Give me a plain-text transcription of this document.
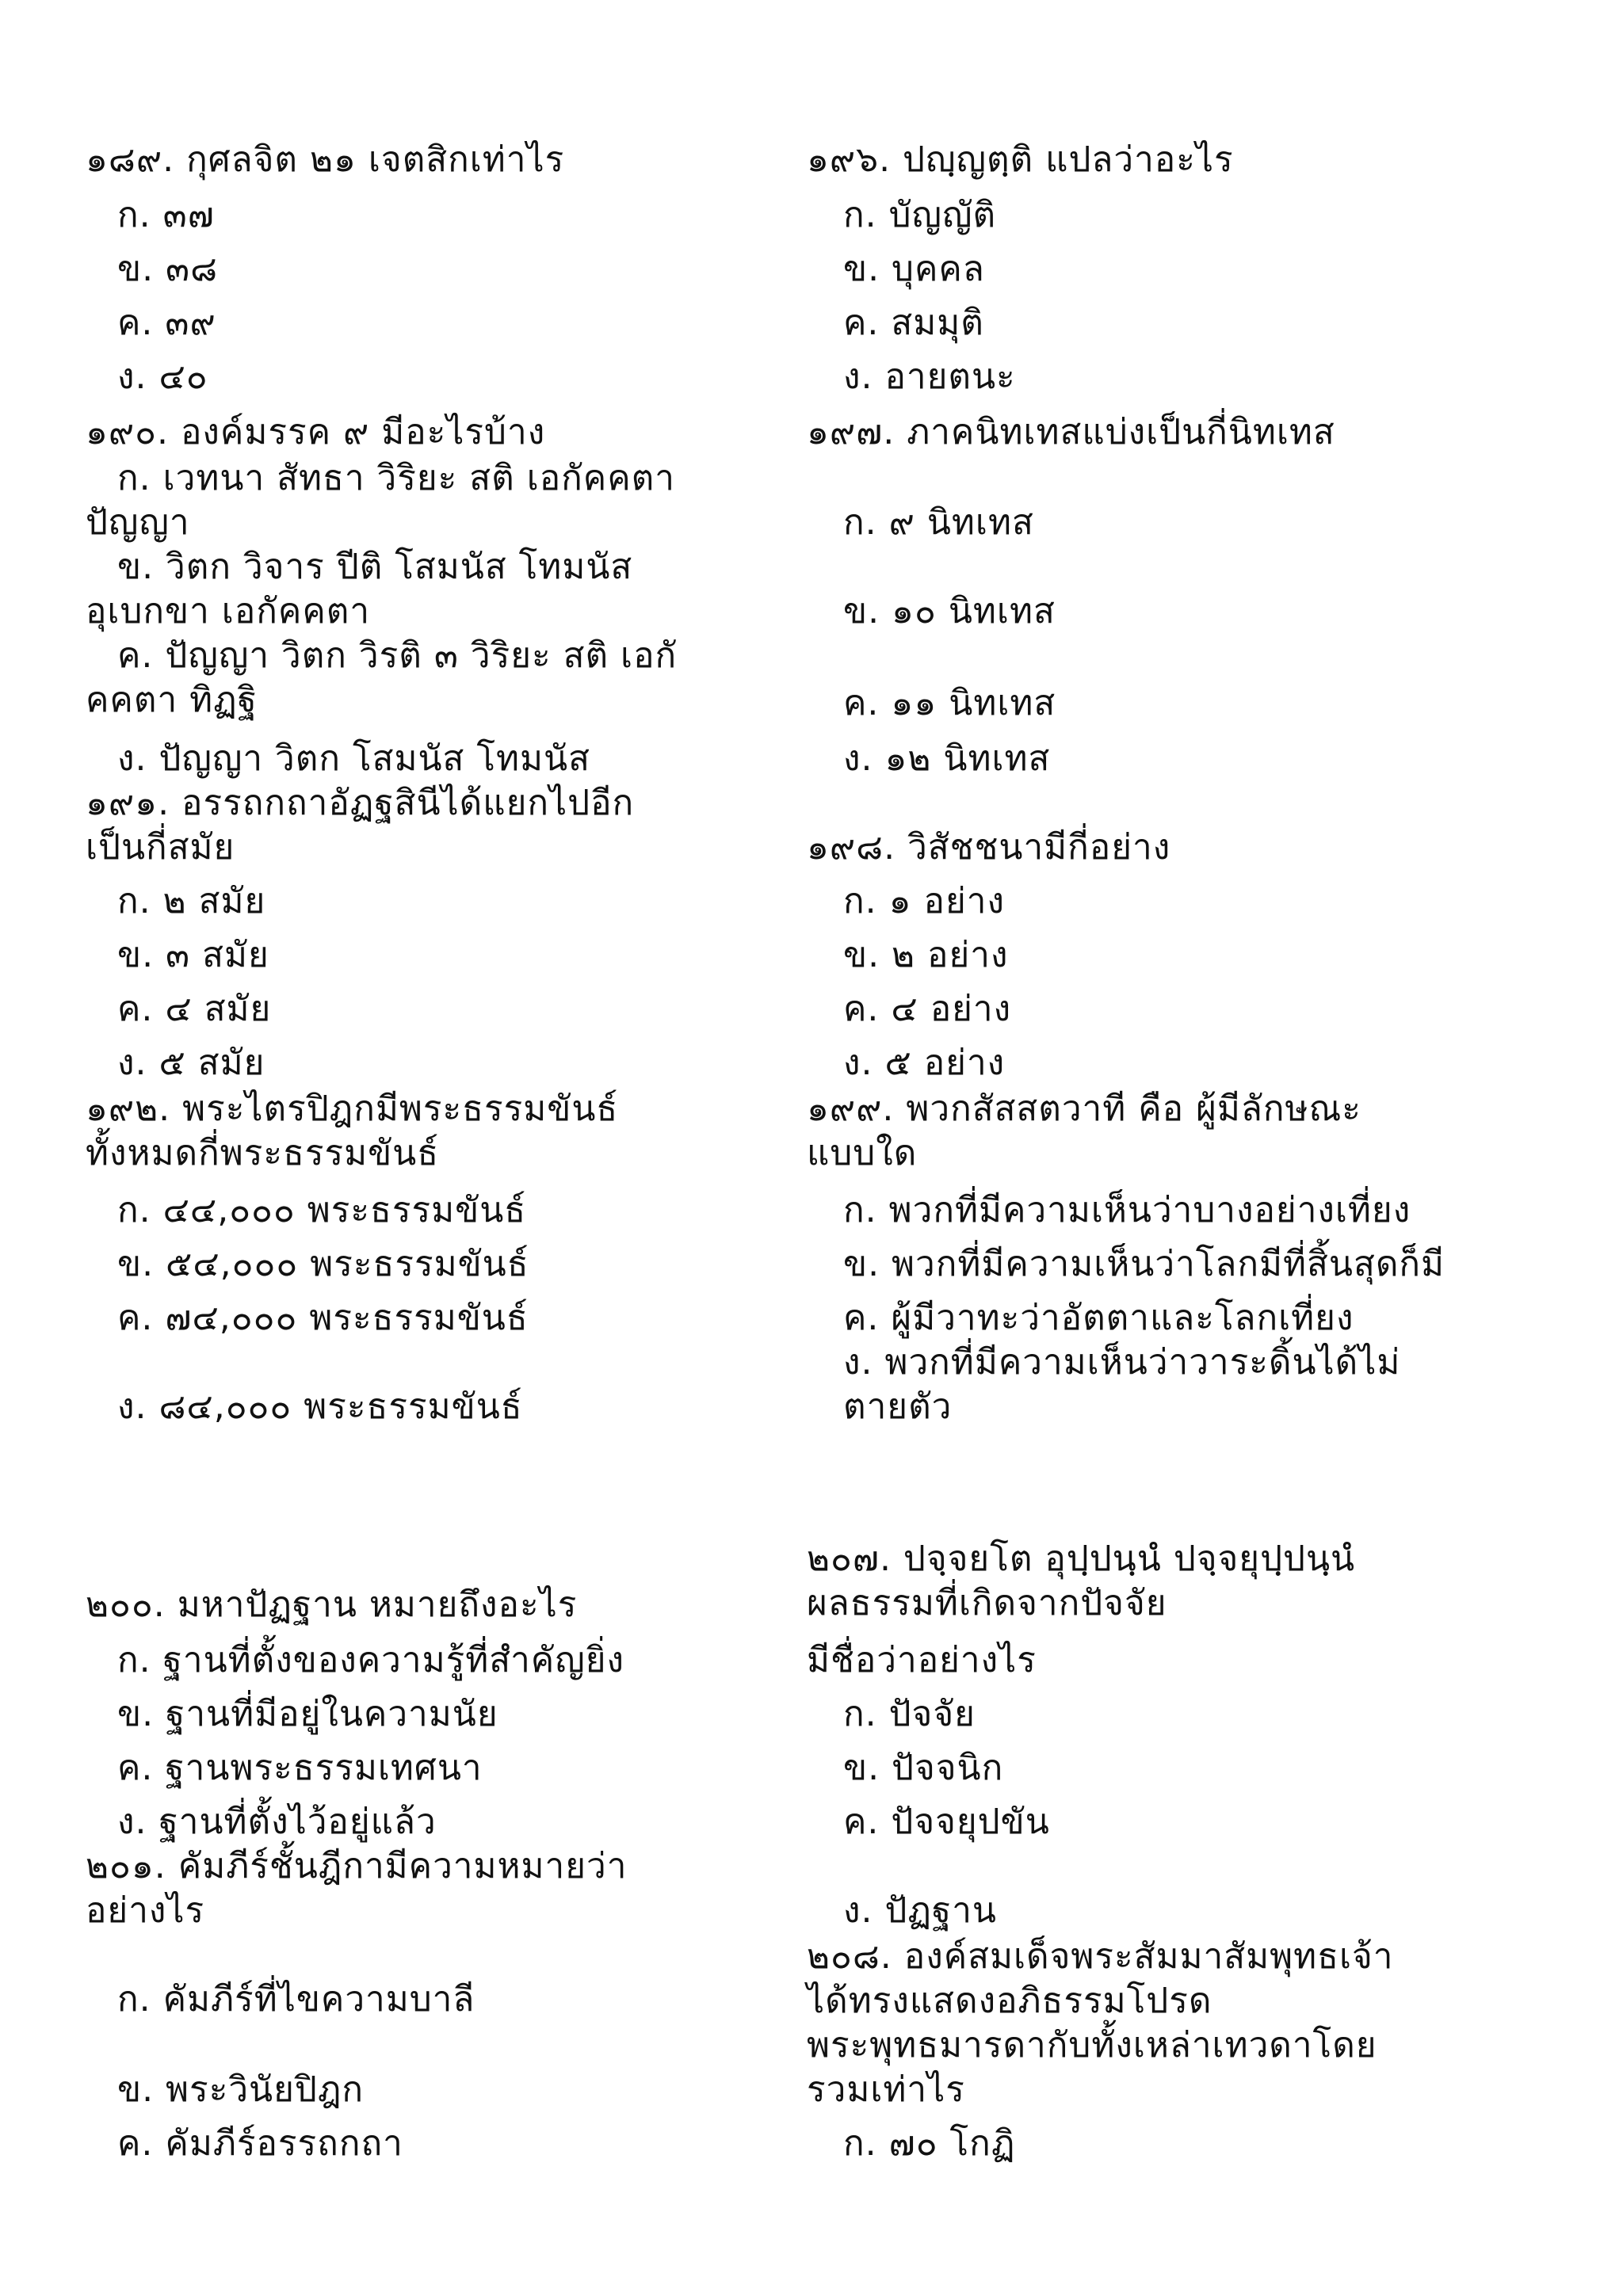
๑๘๙. กุศลจิต ๒๑ เจตสิกเท่าไร
ก. ๓๗
ข. ๓๘
ค. ๓๙
ง. ๔๐
๑๙๐. องค์มรรค ๙ มีอะไรบ้าง
ก. เวทนา สัทธา วิริยะ สติ เอกัคคตา
ปัญญา
ข. วิตก วิจาร ปีติ โสมนัส โทมนัส
อุเบกขา เอกัคคตา
ค. ปัญญา วิตก วิรติ ๓ วิริยะ สติ เอกั
คคตา ทิฏฐิ
ง. ปัญญา วิตก โสมนัส โทมนัส
๑๙๑. อรรถกถาอัฏฐสินีได้แยกไปอีก
เป็นกี่สมัย
ก. ๒ สมัย
ข. ๓ สมัย
ค. ๔ สมัย
ง. ๕ สมัย
๑๙๒. พระไตรปิฎกมีพระธรรมขันธ์
ทั้งหมดกี่พระธรรมขันธ์
ก. ๔๔,๐๐๐ พระธรรมขันธ์
ข. ๕๔,๐๐๐ พระธรรมขันธ์
ค. ๗๔,๐๐๐ พระธรรมขันธ์
ง. ๘๔,๐๐๐ พระธรรมขันธ์
๒๐๐. มหาปัฏฐาน หมายถึงอะไร
ก. ฐานที่ตั้งของความรู้ที่สำคัญยิ่ง
ข. ฐานที่มีอยู่ในความนัย
ค. ฐานพระธรรมเทศนา
ง. ฐานที่ตั้งไว้อยู่แล้ว
๒๐๑. คัมภีร์ชั้นฎีกามีความหมายว่า
อย่างไร
ก. คัมภีร์ที่ไขความบาลี
ข. พระวินัยปิฎก
ค. คัมภีร์อรรถกถา
๑๙๖. ปญฺญตฺติ แปลว่าอะไร
ก. บัญญัติ
ข. บุคคล
ค. สมมุติ
ง. อายตนะ
๑๙๗. ภาคนิทเทสแบ่งเป็นกี่นิทเทส
ก. ๙ นิทเทส
ข. ๑๐ นิทเทส
ค. ๑๑ นิทเทส
ง. ๑๒ นิทเทส
๑๙๘. วิสัชชนามีกี่อย่าง
ก. ๑ อย่าง
ข. ๒ อย่าง
ค. ๔ อย่าง
ง. ๕ อย่าง
๑๙๙. พวกสัสสตวาที คือ ผู้มีลักษณะ
แบบใด
ก. พวกที่มีความเห็นว่าบางอย่างเที่ยง
ข. พวกที่มีความเห็นว่าโลกมีที่สิ้นสุดก็มี
ค. ผู้มีวาทะว่าอัตตาและโลกเที่ยง
ง. พวกที่มีความเห็นว่าวาระดิ้นได้ไม่
ตายตัว
๒๐๗. ปจฺจยโต อุปฺปนฺนํ ปจฺจยุปฺปนฺนํ
ผลธรรมที่เกิดจากปัจจัย
มีชื่อว่าอย่างไร
ก. ปัจจัย
ข. ปัจจนิก
ค. ปัจจยุปขัน
ง. ปัฏฐาน
๒๐๘. องค์สมเด็จพระสัมมาสัมพุทธเจ้า
ได้ทรงแสดงอภิธรรมโปรด
พระพุทธมารดากับทั้งเหล่าเทวดาโดย
รวมเท่าไร
ก. ๗๐ โกฏิ
